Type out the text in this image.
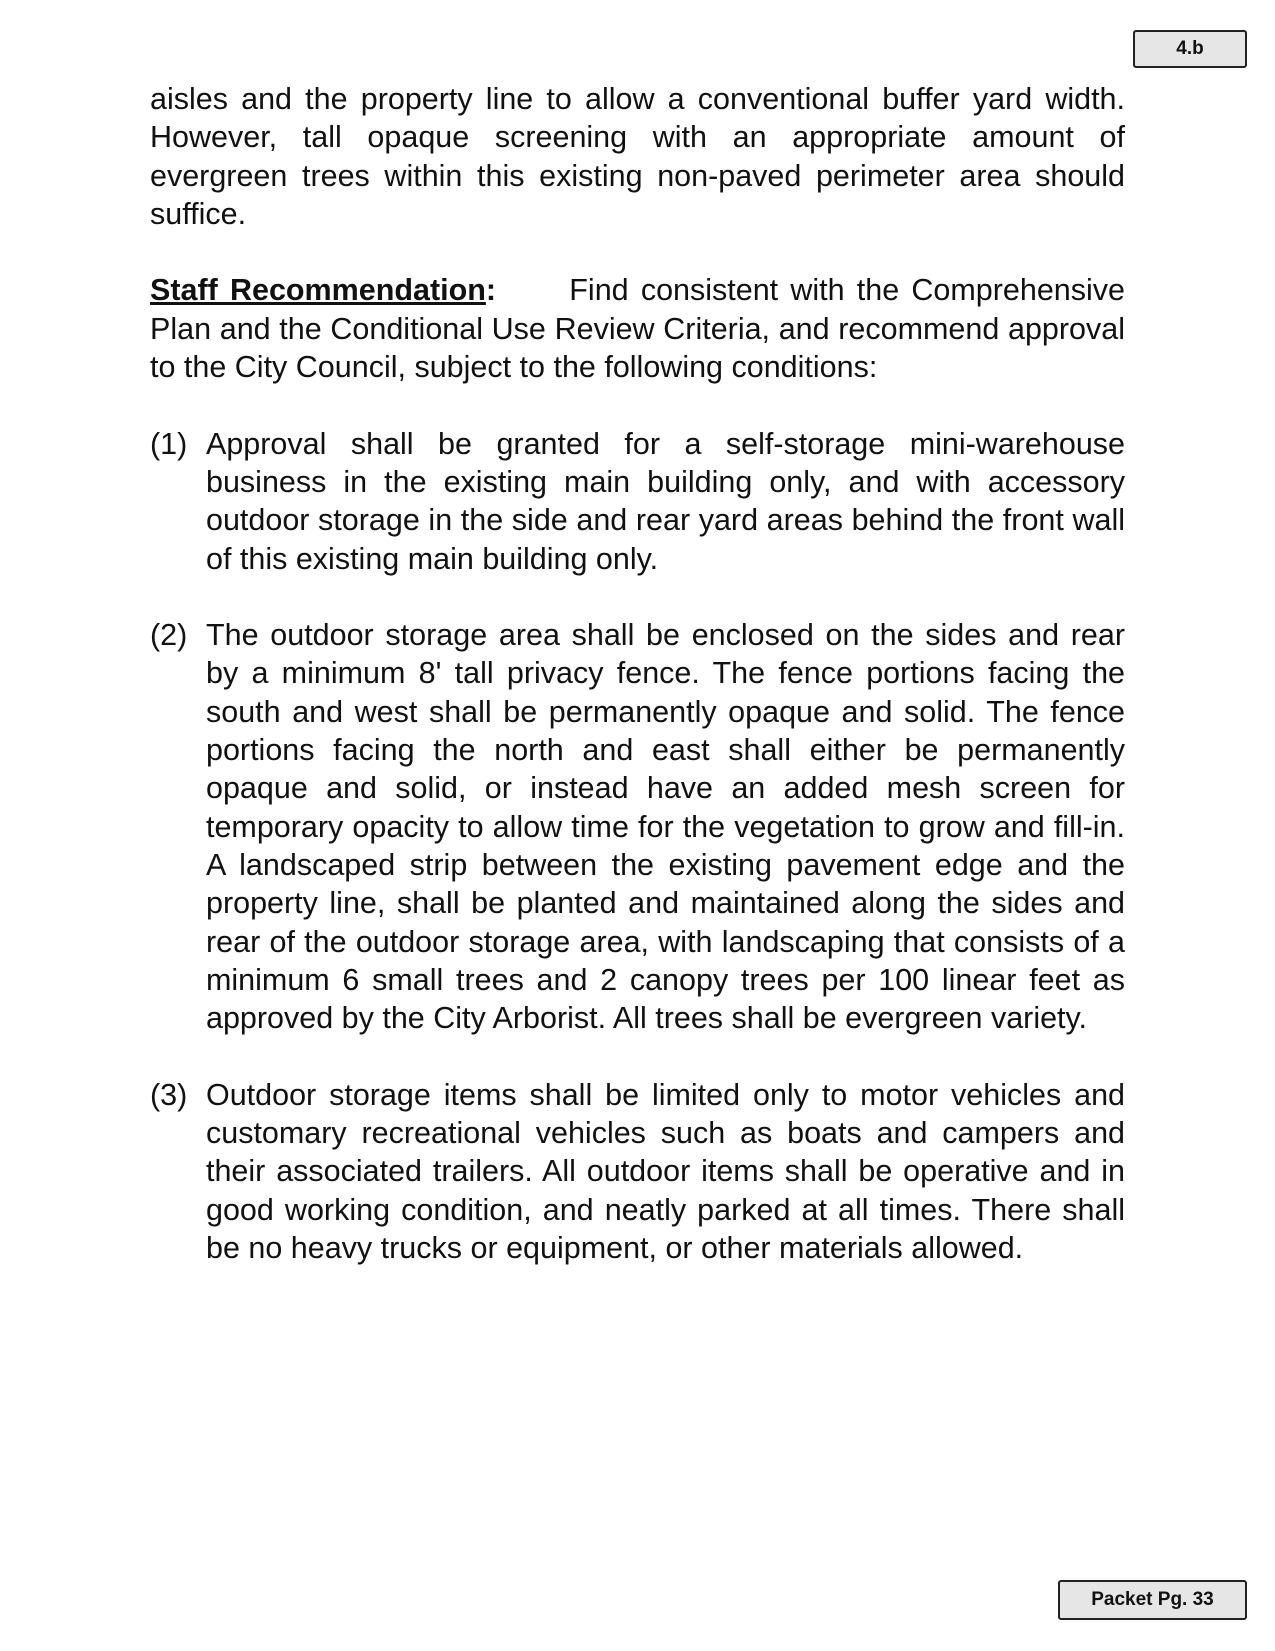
4.b

aisles and the property line to allow a conventional buffer yard width. However, tall opaque screening with an appropriate amount of evergreen trees within this existing non-paved perimeter area should suffice.

Staff Recommendation: Find consistent with the Comprehensive Plan and the Conditional Use Review Criteria, and recommend approval to the City Council, subject to the following conditions:

(1) Approval shall be granted for a self-storage mini-warehouse business in the existing main building only, and with accessory outdoor storage in the side and rear yard areas behind the front wall of this existing main building only.
(2) The outdoor storage area shall be enclosed on the sides and rear by a minimum 8' tall privacy fence. The fence portions facing the south and west shall be permanently opaque and solid. The fence portions facing the north and east shall either be permanently opaque and solid, or instead have an added mesh screen for temporary opacity to allow time for the vegetation to grow and fill-in. A landscaped strip between the existing pavement edge and the property line, shall be planted and maintained along the sides and rear of the outdoor storage area, with landscaping that consists of a minimum 6 small trees and 2 canopy trees per 100 linear feet as approved by the City Arborist. All trees shall be evergreen variety.
(3) Outdoor storage items shall be limited only to motor vehicles and customary recreational vehicles such as boats and campers and their associated trailers. All outdoor items shall be operative and in good working condition, and neatly parked at all times. There shall be no heavy trucks or equipment, or other materials allowed.
Packet Pg. 33
